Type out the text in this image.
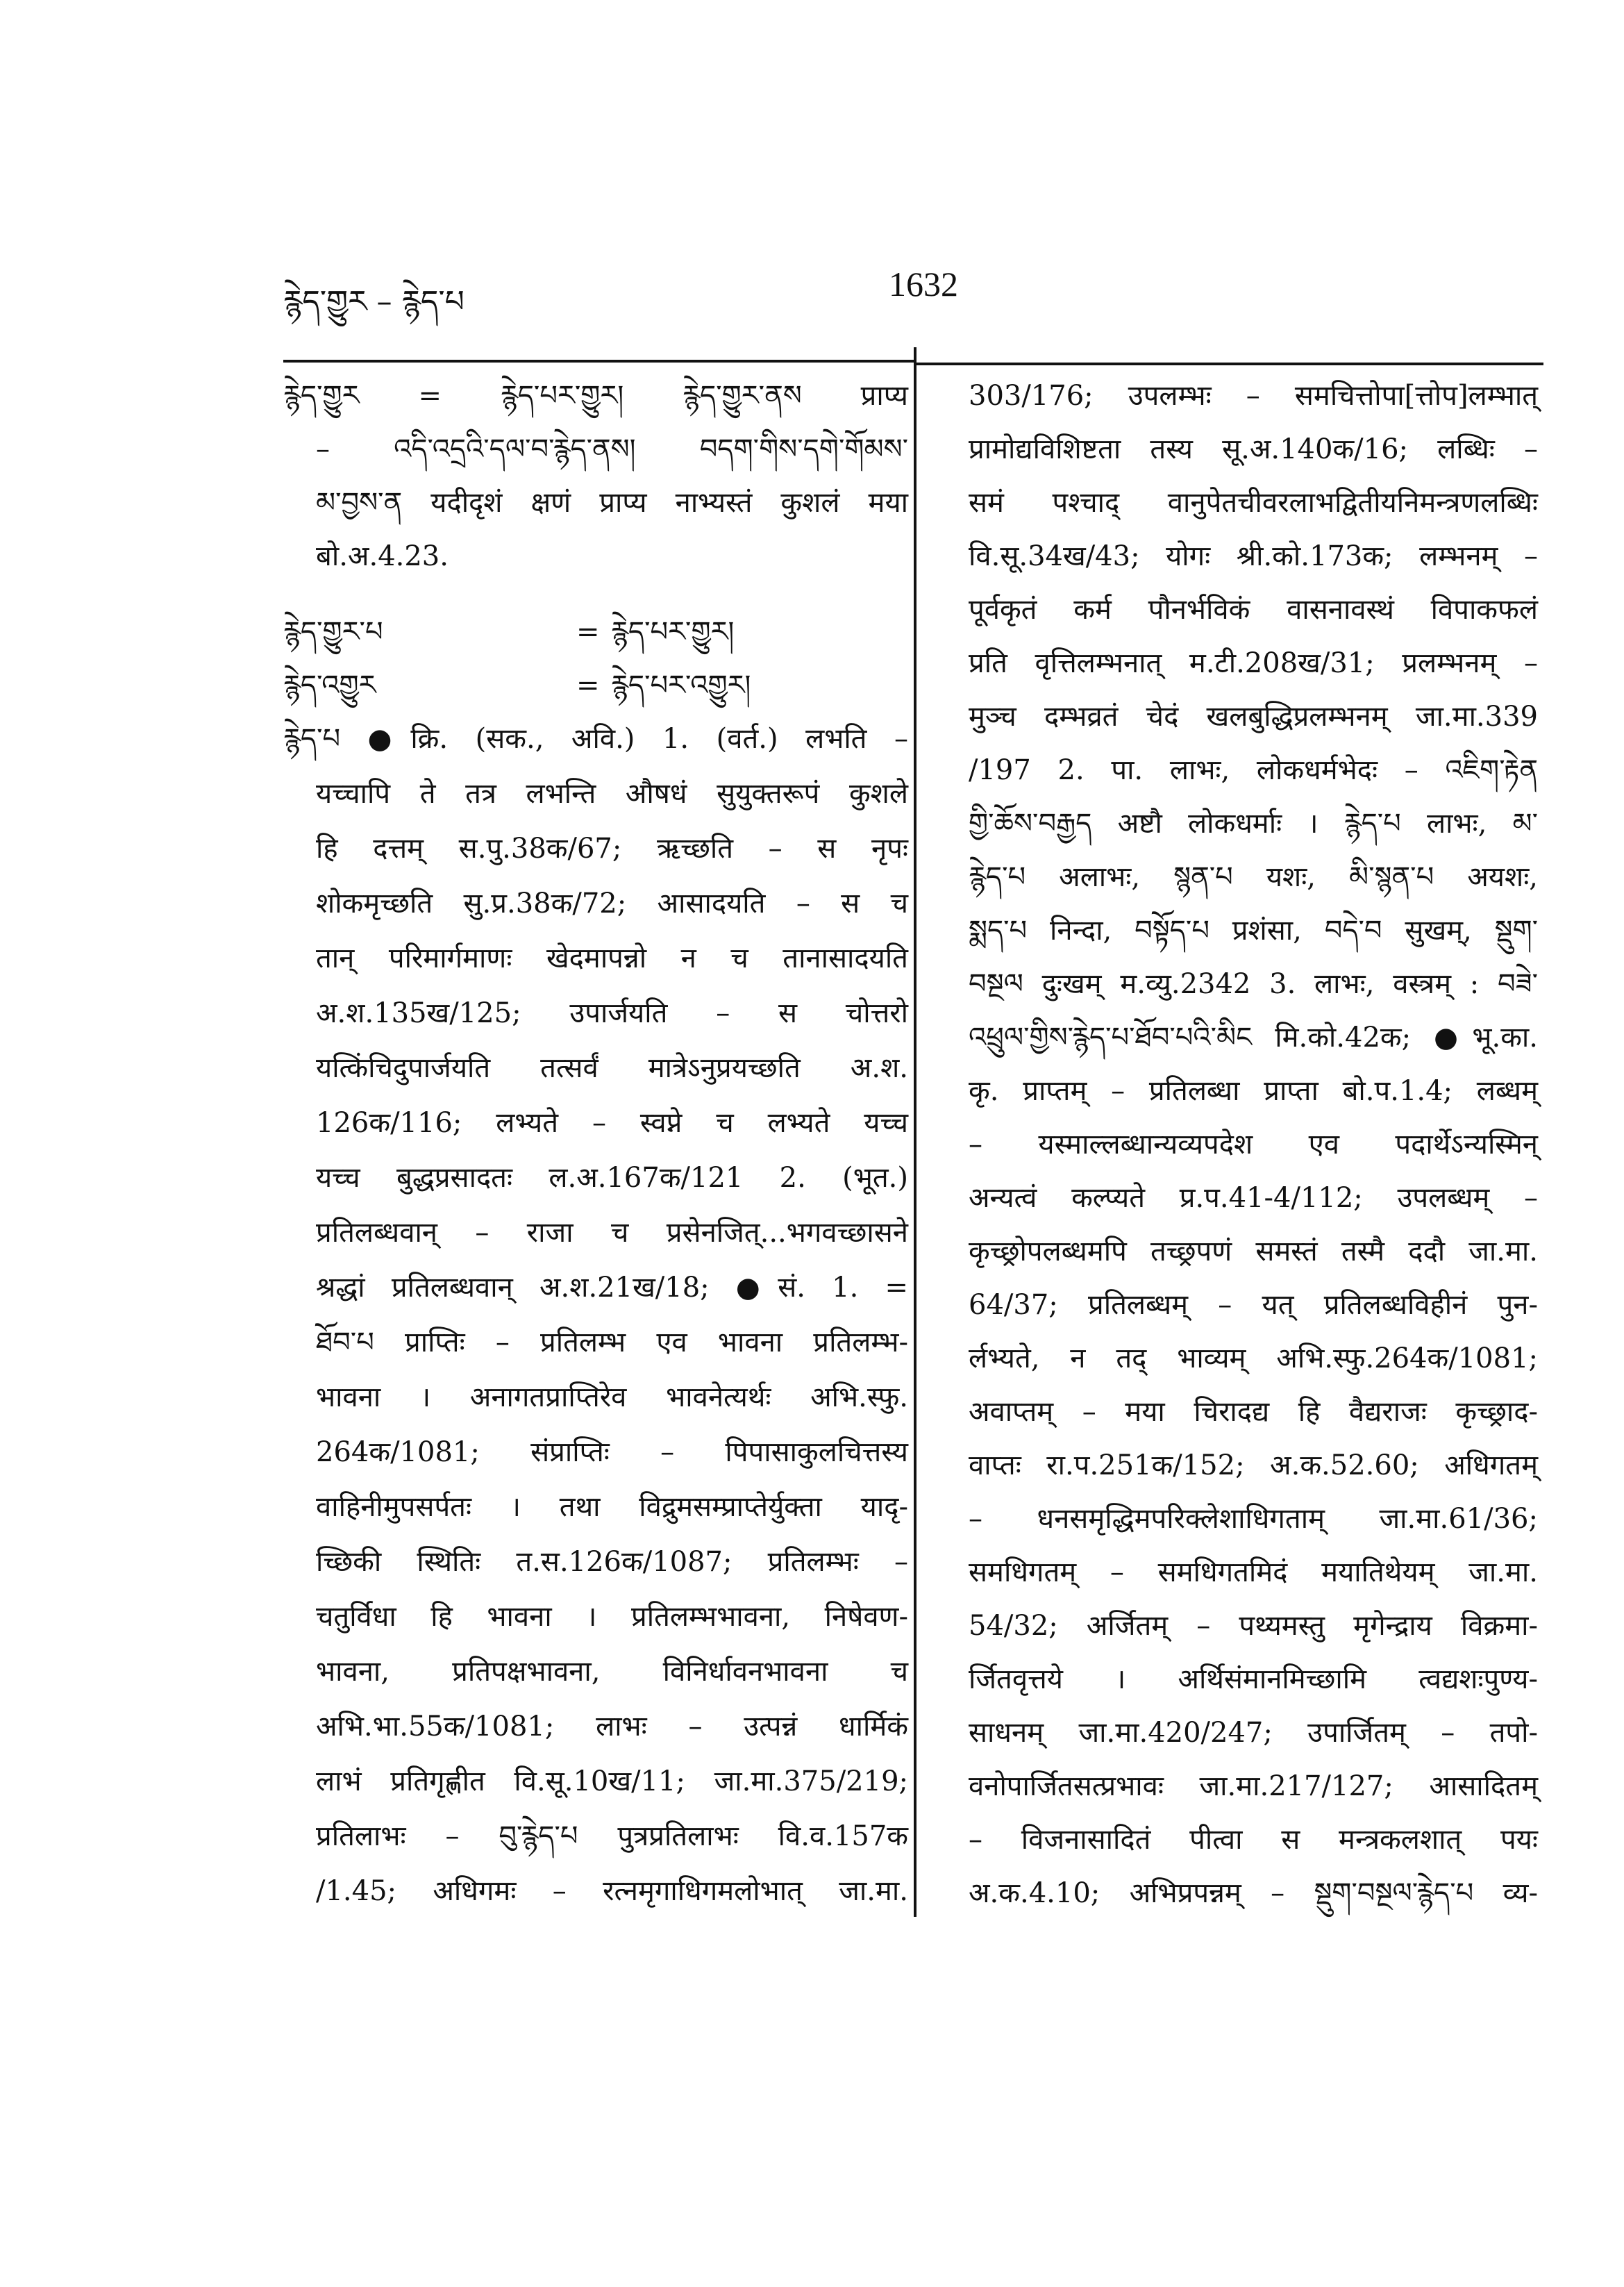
རྙེད་གྱུར – རྙེད་པ	1632
རྙེད་གྱུར = རྙེད་པར་གྱུར། རྙེད་གྱུར་ནས प्राप्य
– འདི་འདྲའི་དལ་བ་རྙེད་ནས། བདག་གིས་དགེ་གོམས་
མ་བྱས་ན यदीदृशं क्षणं प्राप्य नाभ्यस्तं कुशलं मया
बो.अ.4.23.
རྙེད་གྱུར་པ	= རྙེད་པར་གྱུར།
རྙེད་འགྱུར	= རྙེད་པར་འགྱུར།
རྙེད་པ ●क्रि. (सक., अवि.) 1. (वर्त.) लभति –
यच्चापि ते तत्र लभन्ति औषधं सुयुक्तरूपं कुशले
हि दत्तम् स.पु.38क/67; ऋच्छति – स नृपः
शोकमृच्छति सु.प्र.38क/72; आसादयति – स च
तान् परिमार्गमाणः खेदमापन्नो न च तानासादयति
अ.श.135ख/125; उपार्जयति – स चोत्तरो
यत्किंचिदुपार्जयति तत्सर्वं मात्रेऽनुप्रयच्छति अ.श.
126क/116; लभ्यते – स्वप्ने च लभ्यते यच्च
यच्च बुद्धप्रसादतः ल.अ.167क/121 2. (भूत.)
प्रतिलब्धवान् – राजा च प्रसेनजित्...भगवच्छासने
श्रद्धां प्रतिलब्धवान् अ.श.21ख/18; ●सं. 1. =
ཐོབ་པ प्राप्तिः – प्रतिलम्भ एव भावना प्रतिलम्भ-
भावना । अनागतप्राप्तिरेव भावनेत्यर्थः अभि.स्फु.
264क/1081; संप्राप्तिः – पिपासाकुलचित्तस्य
वाहिनीमुपसर्पतः । तथा विद्रुमसम्प्राप्तेर्युक्ता यादृ-
च्छिकी स्थितिः त.स.126क/1087; प्रतिलम्भः –
चतुर्विधा हि भावना । प्रतिलम्भभावना, निषेवण-
भावना, प्रतिपक्षभावना, विनिर्धावनभावना च
अभि.भा.55क/1081; लाभः – उत्पन्नं धार्मिकं
लाभं प्रतिगृह्णीत वि.सू.10ख/11; जा.मा.375/219;
प्रतिलाभः – བུ་རྙེད་པ पुत्रप्रतिलाभः वि.व.157क
/1.45; अधिगमः – रत्नमृगाधिगमलोभात् जा.मा.
303/176; उपलम्भः – समचित्तोपा[त्तोप]लम्भात्
प्रामोद्यविशिष्टता तस्य सू.अ.140क/16; लब्धिः –
समं पश्चाद् वानुपेतचीवरलाभद्वितीयनिमन्त्रणलब्धिः
वि.सू.34ख/43; योगः श्री.को.173क; लम्भनम् –
पूर्वकृतं कर्म पौनर्भविकं वासनावस्थं विपाकफलं
प्रति वृत्तिलम्भनात् म.टी.208ख/31; प्रलम्भनम् –
मुञ्च दम्भव्रतं चेदं खलबुद्धिप्रलम्भनम् जा.मा.339
/197 2. पा. लाभः, लोकधर्मभेदः – འཇིག་རྟེན
གྱི་ཆོས་བརྒྱད अष्टौ लोकधर्माः । རྙེད་པ लाभः, མ་
རྙེད་པ अलाभः, སྙན་པ यशः, མི་སྙན་པ अयशः,
སྨད་པ निन्दा, བསྟོད་པ प्रशंसा, བདེ་བ सुखम्, སྡུག་
བསྔལ दुःखम् म.व्यु.2342 3. लाभः, वस्त्रम् : བཟེ་
འཕྲུལ་གྱིས་རྙེད་པ་ཐོབ་པའི་མིང मि.को.42क; ●भू.का.
कृ. प्राप्तम् – प्रतिलब्धा प्राप्ता बो.प.1.4; लब्धम्
– यस्माल्लब्धान्यव्यपदेश एव पदार्थेऽन्यस्मिन्
अन्यत्वं कल्प्यते प्र.प.41-4/112; उपलब्धम् –
कृच्छ्रोपलब्धमपि तच्छ्रपणं समस्तं तस्मै ददौ जा.मा.
64/37; प्रतिलब्धम् – यत् प्रतिलब्धविहीनं पुन-
र्लभ्यते, न तद् भाव्यम् अभि.स्फु.264क/1081;
अवाप्तम् – मया चिरादद्य हि वैद्यराजः कृच्छ्राद-
वाप्तः रा.प.251क/152; अ.क.52.60; अधिगतम्
– धनसमृद्धिमपरिक्लेशाधिगताम् जा.मा.61/36;
समधिगतम् – समधिगतमिदं मयातिथेयम् जा.मा.
54/32; अर्जितम् – पथ्यमस्तु मृगेन्द्राय विक्रमा-
र्जितवृत्तये । अर्थिसंमानमिच्छामि त्वद्यशःपुण्य-
साधनम् जा.मा.420/247; उपार्जितम् – तपो-
वनोपार्जितसत्प्रभावः जा.मा.217/127; आसादितम्
– विजनासादितं पीत्वा स मन्त्रकलशात् पयः
अ.क.4.10; अभिप्रपन्नम् – སྡུག་བསྔལ་རྙེད་པ व्य-
